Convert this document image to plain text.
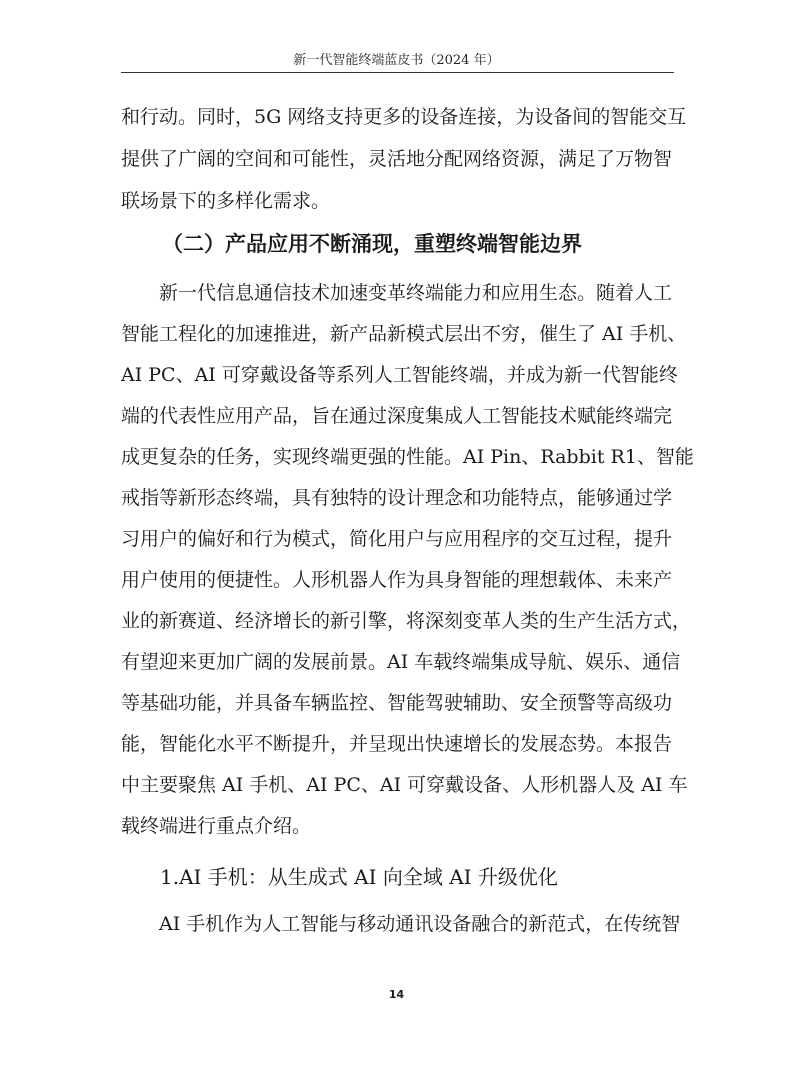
新一代智能终端蓝皮书（2024 年）
和行动。同时，5G 网络支持更多的设备连接，为设备间的智能交互
提供了广阔的空间和可能性，灵活地分配网络资源，满足了万物智
联场景下的多样化需求。
（二）产品应用不断涌现，重塑终端智能边界
新一代信息通信技术加速变革终端能力和应用生态。随着人工
智能工程化的加速推进，新产品新模式层出不穷，催生了 AI 手机、
AI PC、AI 可穿戴设备等系列人工智能终端，并成为新一代智能终
端的代表性应用产品，旨在通过深度集成人工智能技术赋能终端完
成更复杂的任务，实现终端更强的性能。AI Pin、Rabbit R1、智能
戒指等新形态终端，具有独特的设计理念和功能特点，能够通过学
习用户的偏好和行为模式，简化用户与应用程序的交互过程，提升
用户使用的便捷性。人形机器人作为具身智能的理想载体、未来产
业的新赛道、经济增长的新引擎，将深刻变革人类的生产生活方式，
有望迎来更加广阔的发展前景。AI 车载终端集成导航、娱乐、通信
等基础功能，并具备车辆监控、智能驾驶辅助、安全预警等高级功
能，智能化水平不断提升，并呈现出快速增长的发展态势。本报告
中主要聚焦 AI 手机、AI PC、AI 可穿戴设备、人形机器人及 AI 车
载终端进行重点介绍。
1.AI 手机：从生成式 AI 向全域 AI 升级优化
AI 手机作为人工智能与移动通讯设备融合的新范式，在传统智
14
